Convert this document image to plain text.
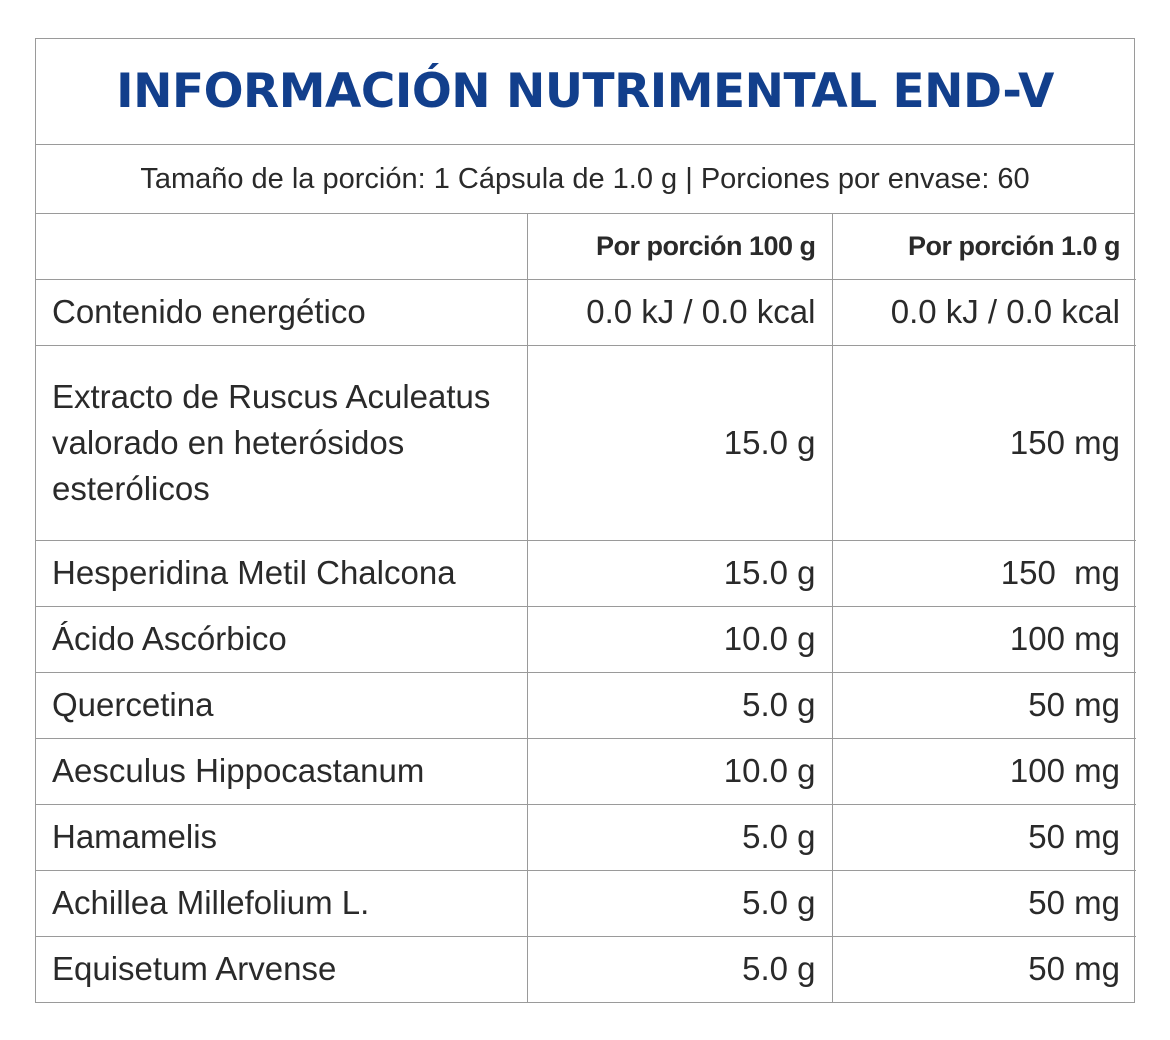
INFORMACIÓN NUTRIMENTAL END-V
Tamaño de la porción: 1 Cápsula de 1.0 g | Porciones por envase: 60
	Por porción 100 g	Por porción 1.0 g
Contenido energético	0.0 kJ / 0.0 kcal	0.0 kJ / 0.0 kcal
Extracto de Ruscus Aculeatus valorado en heterósidos esterólicos	15.0 g	150 mg
Hesperidina Metil Chalcona	15.0 g	150  mg
Ácido Ascórbico	10.0 g	100 mg
Quercetina	5.0 g	50 mg
Aesculus Hippocastanum	10.0 g	100 mg
Hamamelis	5.0 g	50 mg
Achillea Millefolium L.	5.0 g	50 mg
Equisetum Arvense	5.0 g	50 mg
